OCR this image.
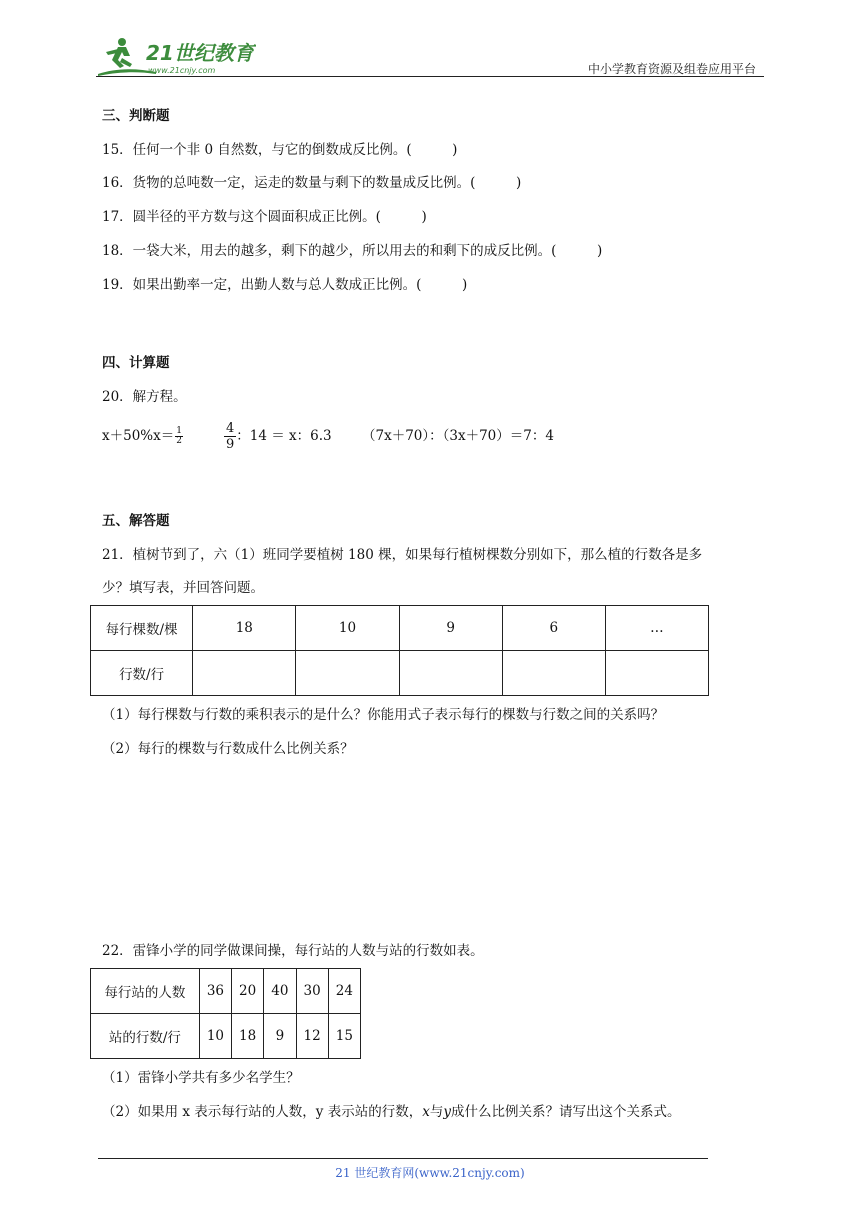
21世纪教育
www.21cnjy.com	中小学教育资源及组卷应用平台
三、判断题
15．任何一个非 0 自然数，与它的倒数成反比例。(　　　)
16．货物的总吨数一定，运走的数量与剩下的数量成反比例。(　　　)
17．圆半径的平方数与这个圆面积成正比例。(　　　)
18．一袋大米，用去的越多，剩下的越少，所以用去的和剩下的成反比例。(　　　)
19．如果出勤率一定，出勤人数与总人数成正比例。(　　　)
四、计算题
20．解方程。
$x+50\%x= \frac{1}{2}$	$\frac{4}{9}$ ：14 ＝ x：6.3 （7x＋70）：（3x＋70）＝7：4
五、解答题
21．植树节到了，六（1）班同学要植树 180 棵，如果每行植树棵数分别如下，那么植的行数各是多
少？填写表，并回答问题。
每行棵数/棵	18	10	9	6	…
行数/行					
（1）每行棵数与行数的乘积表示的是什么？你能用式子表示每行的棵数与行数之间的关系吗？
（2）每行的棵数与行数成什么比例关系？
22．雷锋小学的同学做课间操，每行站的人数与站的行数如表。
每行站的人数	36	20	40	30	24
站的行数/行	10	18	9	12	15
（1）雷锋小学共有多少名学生？
（2）如果用 x 表示每行站的人数，y 表示站的行数，x与y成什么比例关系？请写出这个关系式。
21 世纪教育网(www.21cnjy.com)
